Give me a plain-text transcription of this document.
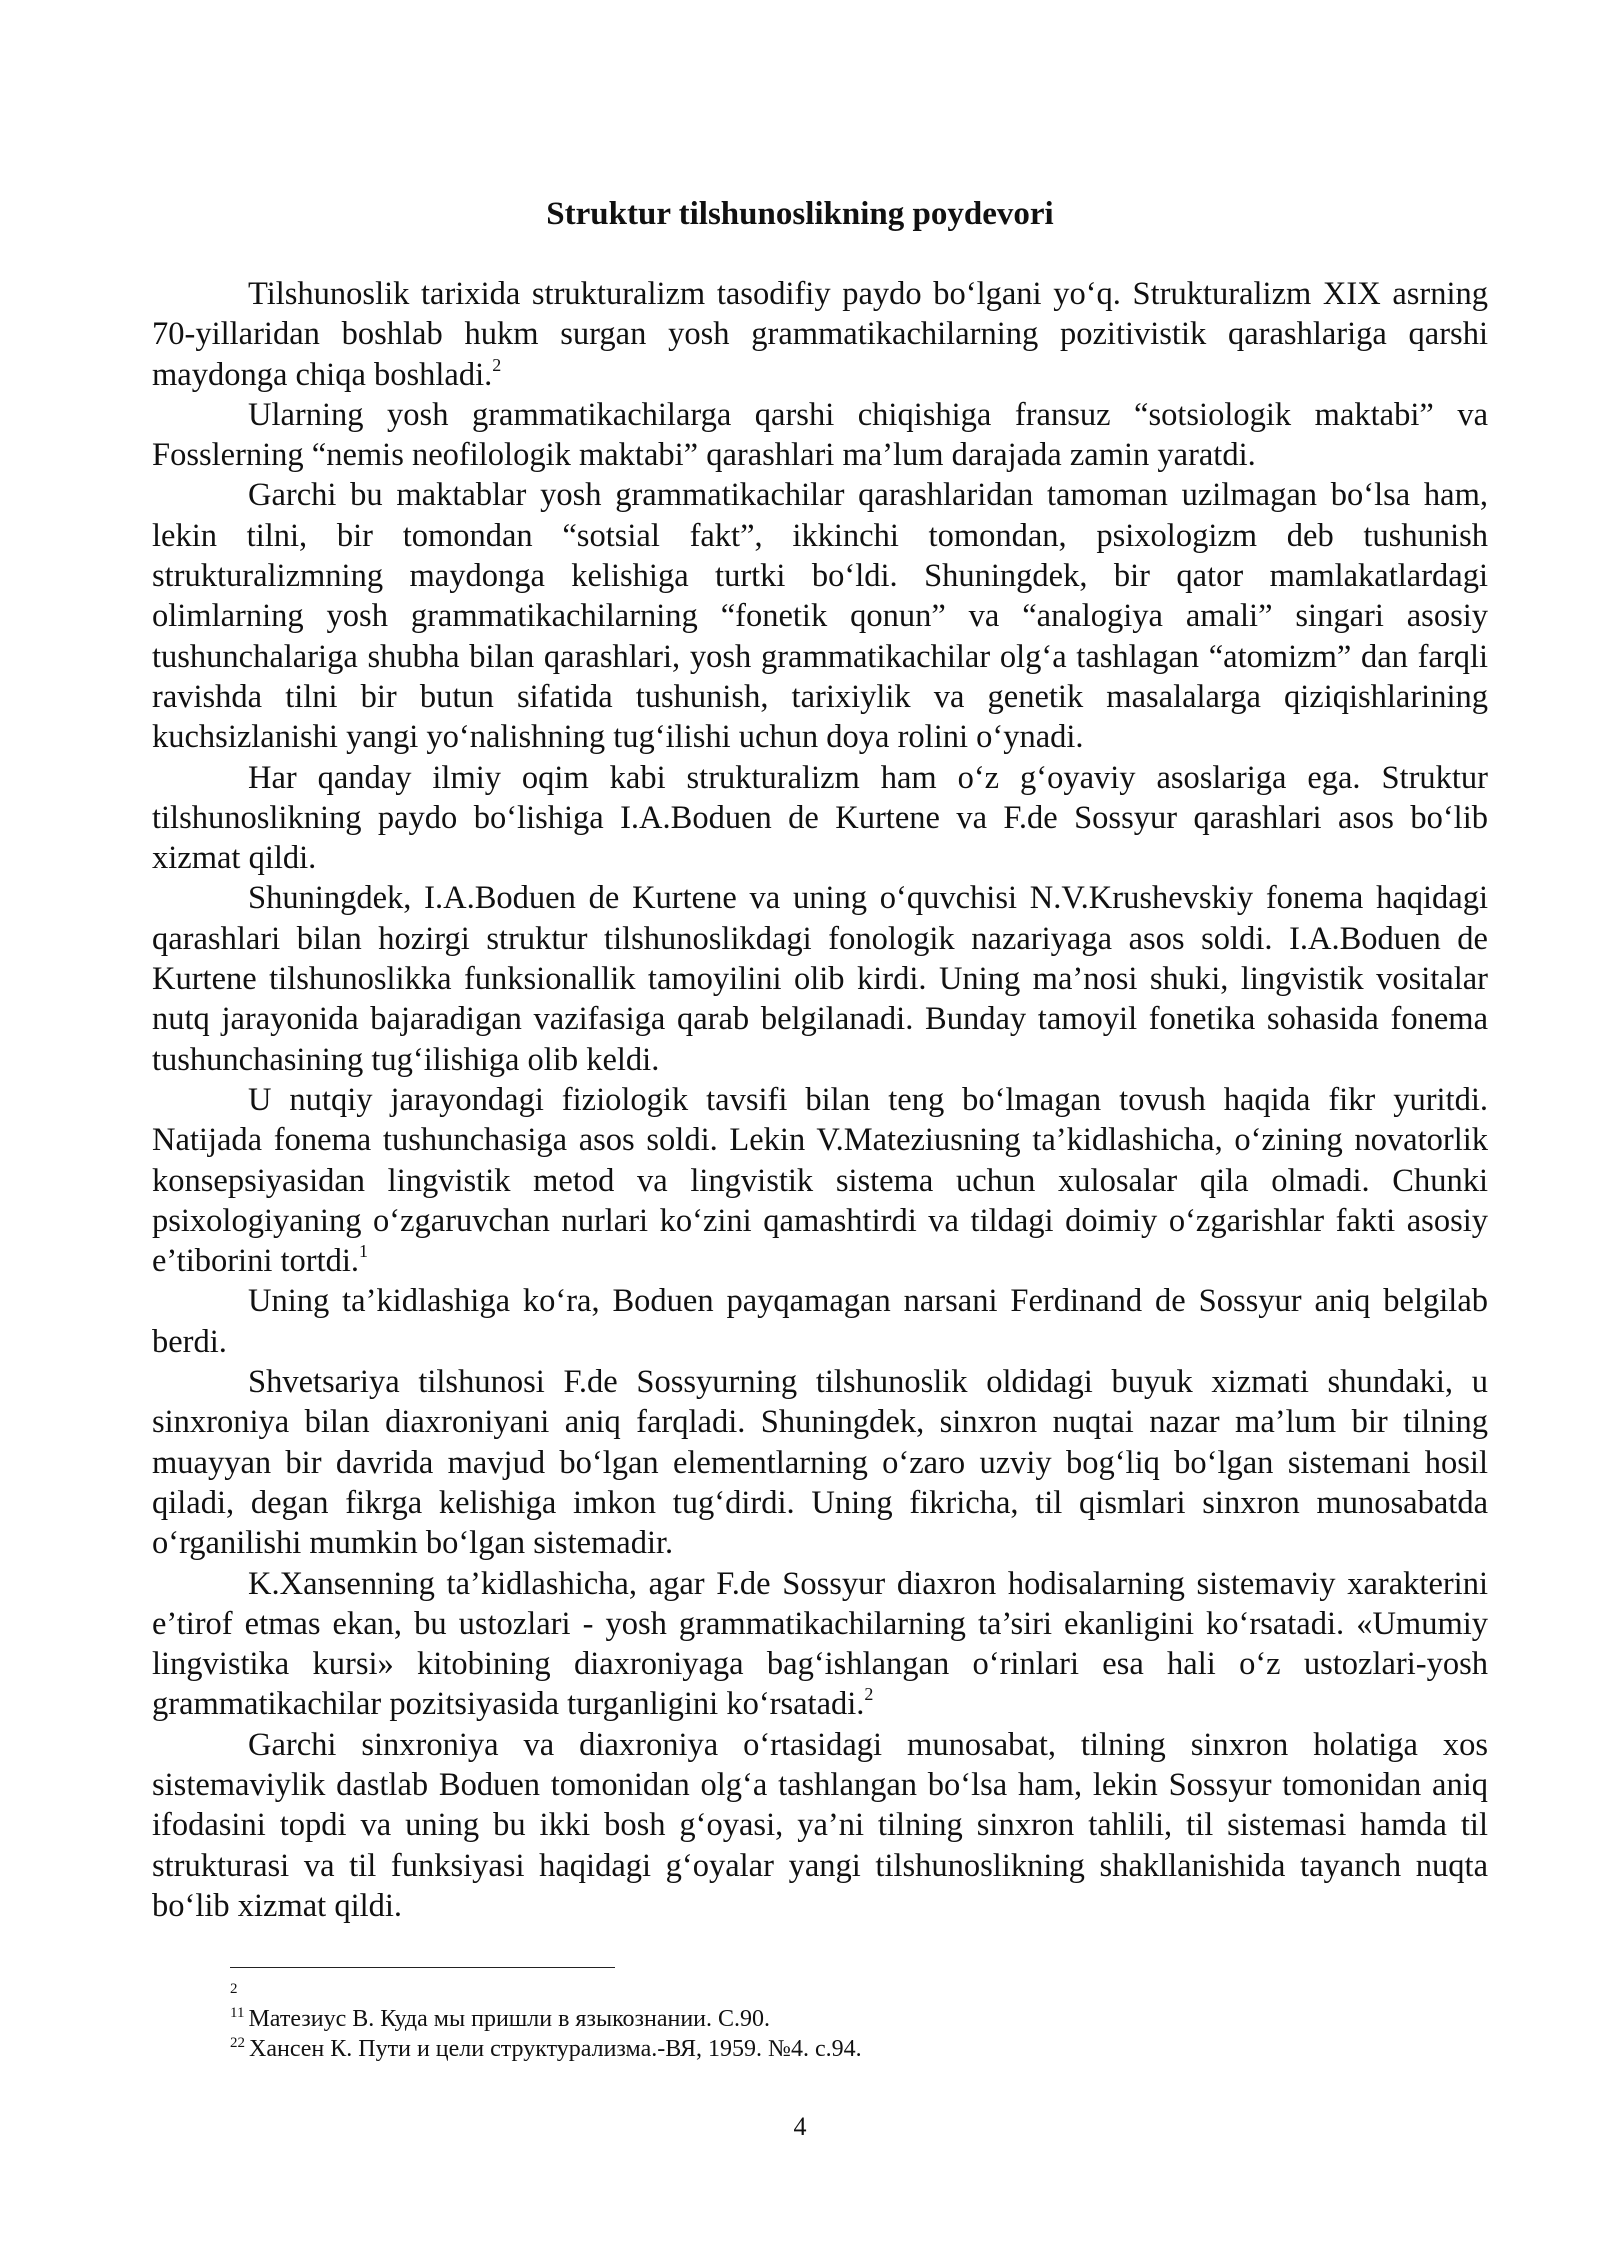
Struktur tilshunoslikning poydevori

Tilshunoslik tarixida strukturalizm tasodifiy paydo bo‘lgani yo‘q. Strukturalizm XIX asrning 70-yillaridan boshlab hukm surgan yosh grammatikachilarning pozitivistik qarashlariga qarshi maydonga chiqa boshladi.$^2$

Ularning yosh grammatikachilarga qarshi chiqishiga fransuz “sotsiologik maktabi” va Fosslerning “nemis neofilologik maktabi” qarashlari ma’lum darajada zamin yaratdi.

Garchi bu maktablar yosh grammatikachilar qarashlaridan tamoman uzilmagan bo‘lsa ham, lekin tilni, bir tomondan “sotsial fakt”, ikkinchi tomondan, psixologizm deb tushunish strukturalizmning maydonga kelishiga turtki bo‘ldi. Shuningdek, bir qator mamlakatlardagi olimlarning yosh grammatikachilarning “fonetik qonun” va “analogiya amali” singari asosiy tushunchalariga shubha bilan qarashlari, yosh grammatikachilar olg‘a tashlagan “atomizm” dan farqli ravishda tilni bir butun sifatida tushunish, tarixiylik va genetik masalalarga qiziqishlarining kuchsizlanishi yangi yo‘nalishning tug‘ilishi uchun doya rolini o‘ynadi.

Har qanday ilmiy oqim kabi strukturalizm ham o‘z g‘oyaviy asoslariga ega. Struktur tilshunoslikning paydo bo‘lishiga I.A.Boduen de Kurtene va F.de Sossyur qarashlari asos bo‘lib xizmat qildi.

Shuningdek, I.A.Boduen de Kurtene va uning o‘quvchisi N.V.Krushevskiy fonema haqidagi qarashlari bilan hozirgi struktur tilshunoslikdagi fonologik nazariyaga asos soldi. I.A.Boduen de Kurtene tilshunoslikka funksionallik tamoyilini olib kirdi. Uning ma’nosi shuki, lingvistik vositalar nutq jarayonida bajaradigan vazifasiga qarab belgilanadi. Bunday tamoyil fonetika sohasida fonema tushunchasining tug‘ilishiga olib keldi.

U nutqiy jarayondagi fiziologik tavsifi bilan teng bo‘lmagan tovush haqida fikr yuritdi. Natijada fonema tushunchasiga asos soldi. Lekin V.Mateziusning ta’kidlashicha, o‘zining novatorlik konsepsiyasidan lingvistik metod va lingvistik sistema uchun xulosalar qila olmadi. Chunki psixologiyaning o‘zgaruvchan nurlari ko‘zini qamashtirdi va tildagi doimiy o‘zgarishlar fakti asosiy e’tiborini tortdi.$^1$

Uning ta’kidlashiga ko‘ra, Boduen payqamagan narsani Ferdinand de Sossyur aniq belgilab berdi.

Shvetsariya tilshunosi F.de Sossyurning tilshunoslik oldidagi buyuk xizmati shundaki, u sinxroniya bilan diaxroniyani aniq farqladi. Shuningdek, sinxron nuqtai nazar ma’lum bir tilning muayyan bir davrida mavjud bo‘lgan elementlarning o‘zaro uzviy bog‘liq bo‘lgan sistemani hosil qiladi, degan fikrga kelishiga imkon tug‘dirdi. Uning fikricha, til qismlari sinxron munosabatda o‘rganilishi mumkin bo‘lgan sistemadir.

K.Xansenning ta’kidlashicha, agar F.de Sossyur diaxron hodisalarning sistemaviy xarakterini e’tirof etmas ekan, bu ustozlari - yosh grammatikachilarning ta’siri ekanligini ko‘rsatadi. «Umumiy lingvistika kursi» kitobining diaxroniyaga bag‘ishlangan o‘rinlari esa hali o‘z ustozlari-yosh grammatikachilar pozitsiyasida turganligini ko‘rsatadi.$^2$

Garchi sinxroniya va diaxroniya o‘rtasidagi munosabat, tilning sinxron holatiga xos sistemaviylik dastlab Boduen tomonidan olg‘a tashlangan bo‘lsa ham, lekin Sossyur tomonidan aniq ifodasini topdi va uning bu ikki bosh g‘oyasi, ya’ni tilning sinxron tahlili, til sistemasi hamda til strukturasi va til funksiyasi haqidagi g‘oyalar yangi tilshunoslikning shakllanishida tayanch nuqta bo‘lib xizmat qildi.

2
$^{11}$ Матезиус В. Куда мы пришли в языкознании. С.90.
$^{22}$ Хансен К. Пути и цели структурализма.-ВЯ, 1959. №4. с.94.
4
